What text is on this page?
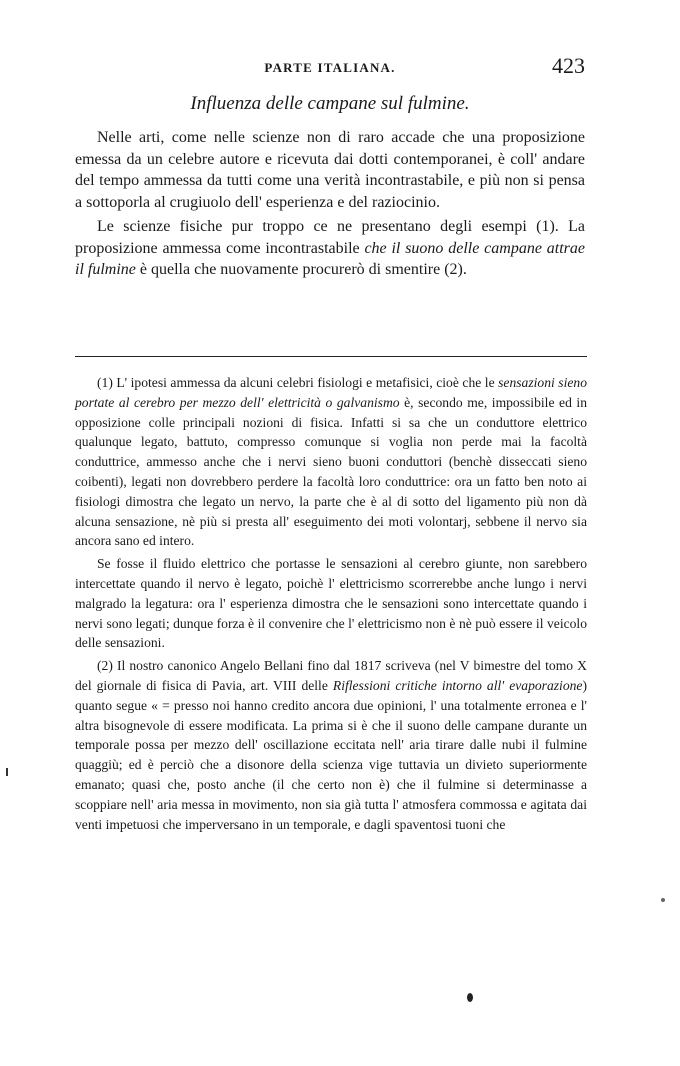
PARTE ITALIANA.	423
Influenza delle campane sul fulmine.

Nelle arti, come nelle scienze non di raro accade che una proposizione emessa da un celebre autore e ricevuta dai dotti contemporanei, è coll' andare del tempo ammessa da tutti come una verità incontrastabile, e più non si pensa a sottoporla al crugiuolo dell' esperienza e del raziocinio.

Le scienze fisiche pur troppo ce ne presentano degli esempi (1). La proposizione ammessa come incontrastabile che il suono delle campane attrae il fulmine è quella che nuovamente procurerò di smentire (2).

(1) L' ipotesi ammessa da alcuni celebri fisiologi e metafisici, cioè che le sensazioni sieno portate al cerebro per mezzo dell' elettricità o galvanismo è, secondo me, impossibile ed in opposizione colle principali nozioni di fisica. Infatti si sa che un conduttore elettrico qualunque legato, battuto, compresso comunque si voglia non perde mai la facoltà conduttrice, ammesso anche che i nervi sieno buoni conduttori (benchè disseccati sieno coibenti), legati non dovrebbero perdere la facoltà loro conduttrice: ora un fatto ben noto ai fisiologi dimostra che legato un nervo, la parte che è al di sotto del ligamento più non dà alcuna sensazione, nè più si presta all' eseguimento dei moti volontarj, sebbene il nervo sia ancora sano ed intero.

Se fosse il fluido elettrico che portasse le sensazioni al cerebro giunte, non sarebbero intercettate quando il nervo è legato, poichè l' elettricismo scorrerebbe anche lungo i nervi malgrado la legatura: ora l' esperienza dimostra che le sensazioni sono intercettate quando i nervi sono legati; dunque forza è il convenire che l' elettricismo non è nè può essere il veicolo delle sensazioni.

(2) Il nostro canonico Angelo Bellani fino dal 1817 scriveva (nel V bimestre del tomo X del giornale di fisica di Pavia, art. VIII delle Riflessioni critiche intorno all' evaporazione) quanto segue « = presso noi hanno credito ancora due opinioni, l' una totalmente erronea e l' altra bisognevole di essere modificata. La prima si è che il suono delle campane durante un temporale possa per mezzo dell' oscillazione eccitata nell' aria tirare dalle nubi il fulmine quaggiù; ed è perciò che a disonore della scienza vige tuttavia un divieto superiormente emanato; quasi che, posto anche (il che certo non è) che il fulmine si determinasse a scoppiare nell' aria messa in movimento, non sia già tutta l' atmosfera commossa e agitata dai venti impetuosi che imperversano in un temporale, e dagli spaventosi tuoni che
